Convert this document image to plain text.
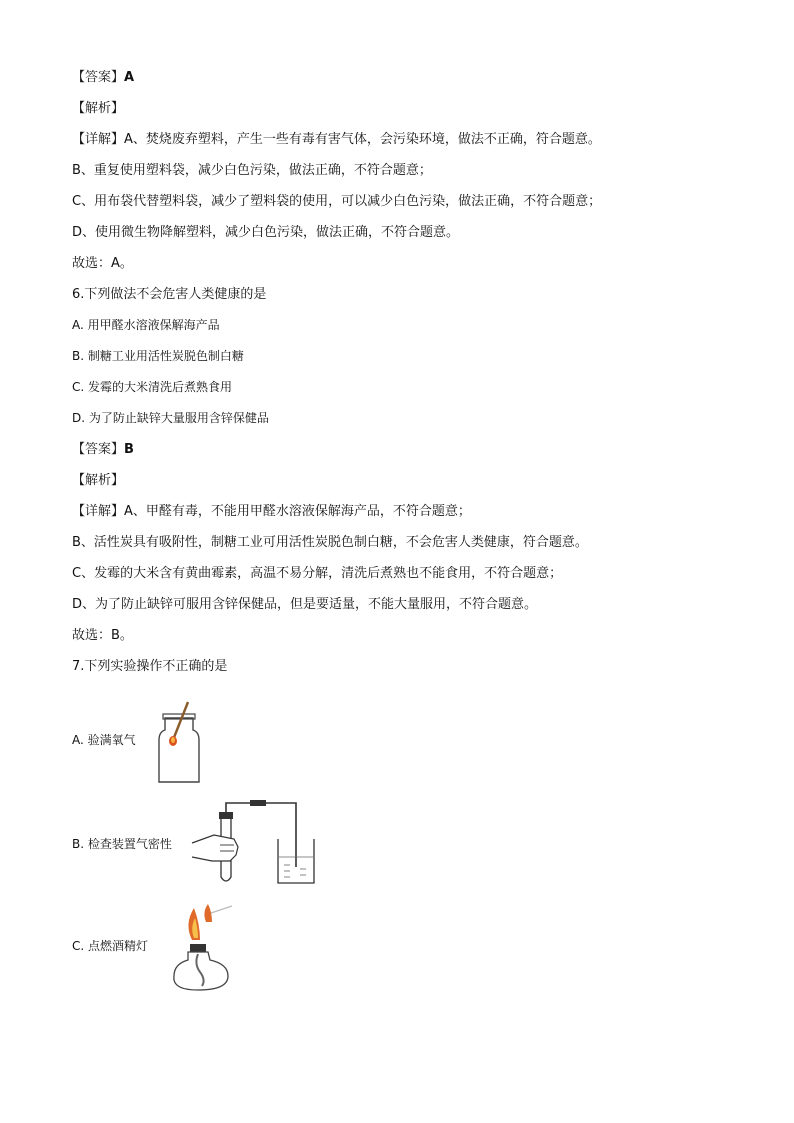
【答案】A
【解析】
【详解】A、焚烧废弃塑料，产生一些有毒有害气体，会污染环境，做法不正确，符合题意。
B、重复使用塑料袋，减少白色污染，做法正确，不符合题意；
C、用布袋代替塑料袋，减少了塑料袋的使用，可以减少白色污染，做法正确，不符合题意；
D、使用微生物降解塑料，减少白色污染，做法正确，不符合题意。
故选：A。
6.下列做法不会危害人类健康的是
A. 用甲醛水溶液保解海产品
B. 制糖工业用活性炭脱色制白糖
C. 发霉的大米清洗后煮熟食用
D. 为了防止缺锌大量服用含锌保健品
【答案】B
【解析】
【详解】A、甲醛有毒，不能用甲醛水溶液保解海产品，不符合题意；
B、活性炭具有吸附性，制糖工业可用活性炭脱色制白糖，不会危害人类健康，符合题意。
C、发霉的大米含有黄曲霉素，高温不易分解，清洗后煮熟也不能食用，不符合题意；
D、为了防止缺锌可服用含锌保健品，但是要适量，不能大量服用，不符合题意。
故选：B。
7.下列实验操作不正确的是
A. 验满氧气
B. 检查装置气密性
C. 点燃酒精灯
